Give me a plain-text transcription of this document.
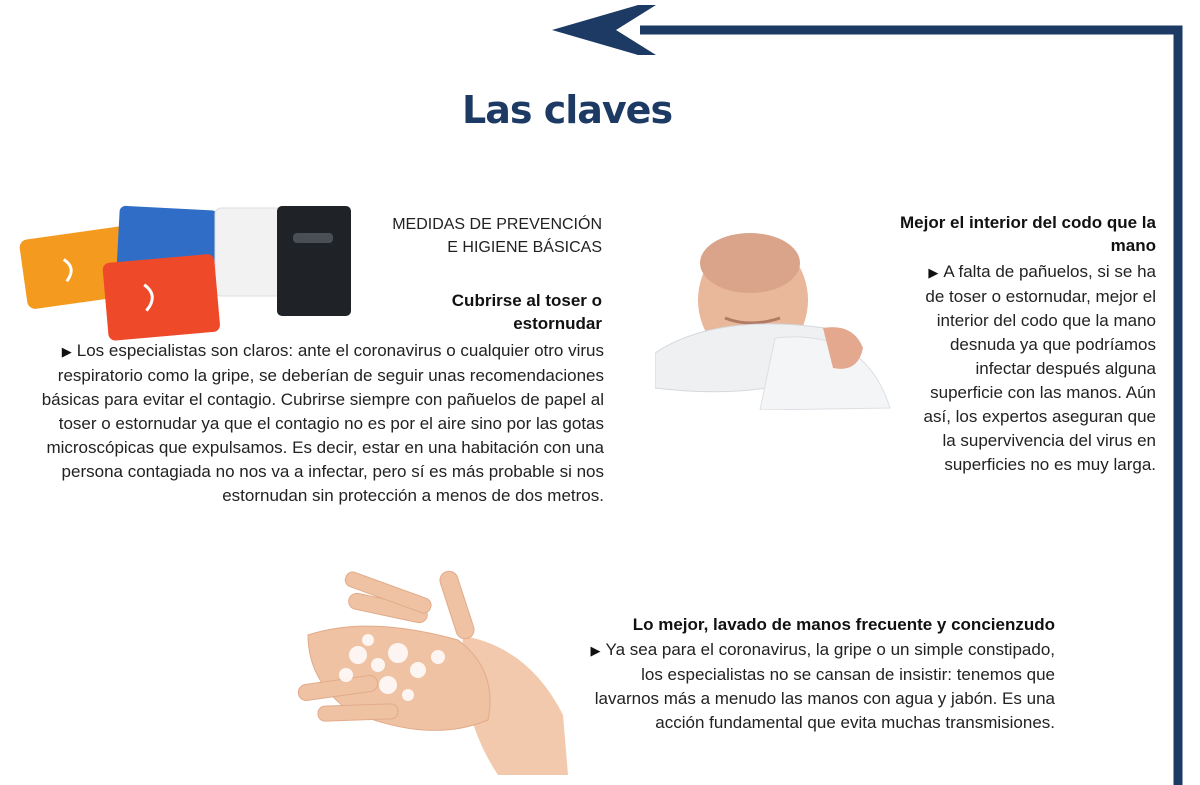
Las claves
MEDIDAS DE PREVENCIÓN
E HIGIENE BÁSICAS
Cubrirse al toser o estornudar
▶ Los especialistas son claros: ante el coronavirus o cualquier otro virus respiratorio como la gripe, se deberían de seguir unas recomendaciones básicas para evitar el contagio. Cubrirse siempre con pañuelos de papel al toser o estornudar ya que el contagio no es por el aire sino por las gotas microscópicas que expulsamos. Es decir, estar en una habitación con una persona contagiada no nos va a infectar, pero sí es más probable si nos estornudan sin protección a menos de dos metros.
Mejor el interior del codo que la mano
▶ A falta de pañuelos, si se ha de toser o estornudar, mejor el interior del codo que la mano desnuda ya que podríamos infectar después alguna superficie con las manos. Aún así, los expertos aseguran que la supervivencia del virus en superficies no es muy larga.
Lo mejor, lavado de manos frecuente y concienzudo
▶ Ya sea para el coronavirus, la gripe o un simple constipado, los especialistas no se cansan de insistir: tenemos que lavarnos más a menudo las manos con agua y jabón. Es una acción fundamental que evita muchas transmisiones.
